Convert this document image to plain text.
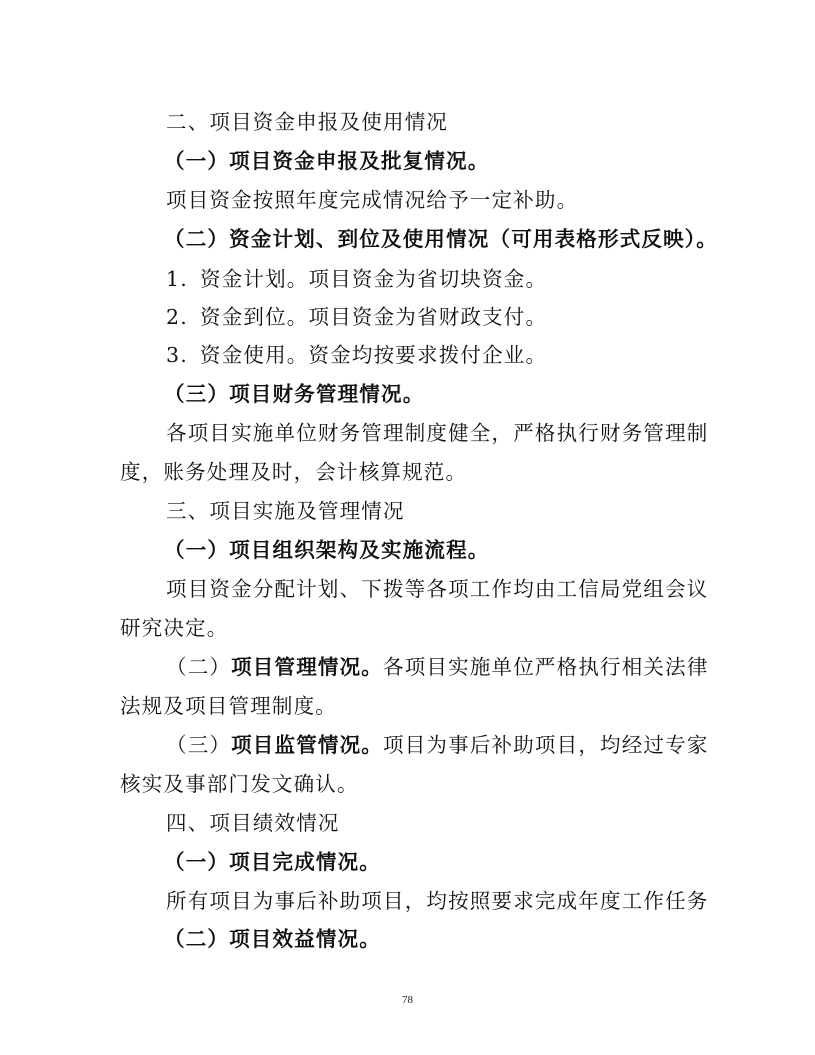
二、项目资金申报及使用情况
（一）项目资金申报及批复情况。
项目资金按照年度完成情况给予一定补助。
（二）资金计划、到位及使用情况（可用表格形式反映）。
1. 资金计划。项目资金为省切块资金。
2. 资金到位。项目资金为省财政支付。
3. 资金使用。资金均按要求拨付企业。
（三）项目财务管理情况。
各项目实施单位财务管理制度健全，严格执行财务管理制
度，账务处理及时，会计核算规范。
三、项目实施及管理情况
（一）项目组织架构及实施流程。
项目资金分配计划、下拨等各项工作均由工信局党组会议
研究决定。
（二）项目管理情况。各项目实施单位严格执行相关法律
法规及项目管理制度。
（三）项目监管情况。项目为事后补助项目，均经过专家
核实及事部门发文确认。
四、项目绩效情况
（一）项目完成情况。
所有项目为事后补助项目，均按照要求完成年度工作任务
（二）项目效益情况。
78
